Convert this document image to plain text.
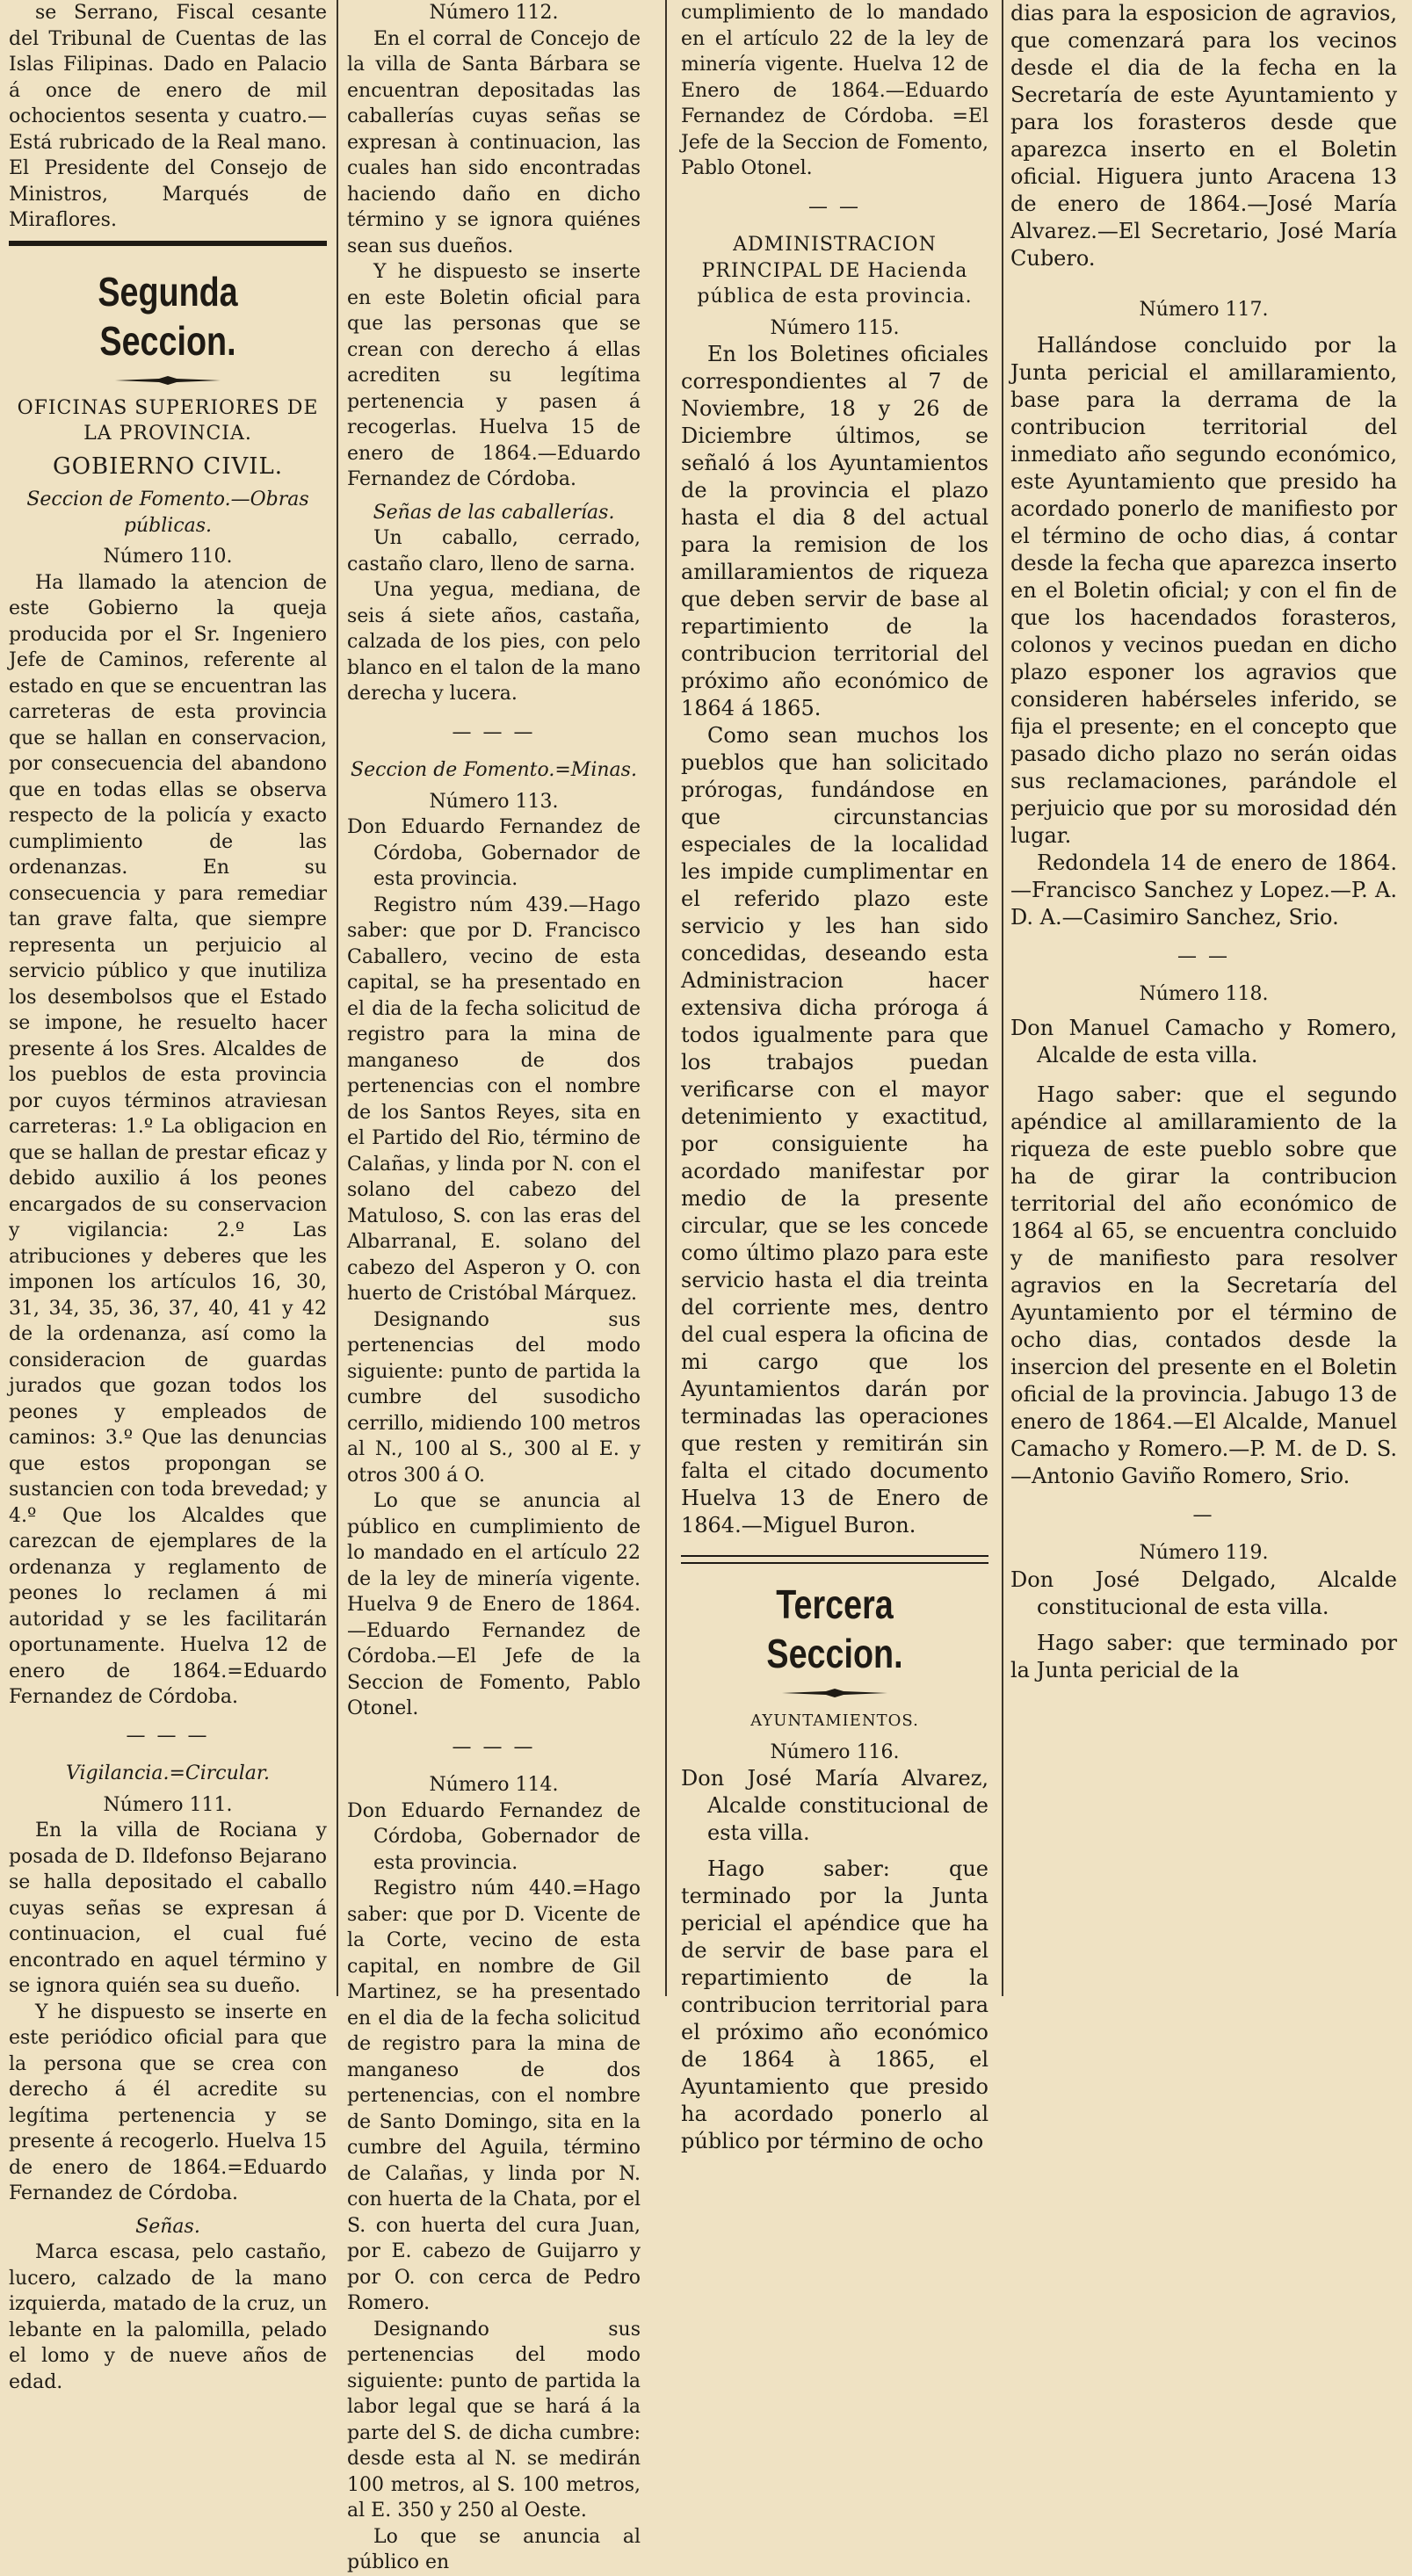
se Serrano, Fiscal cesante del Tribunal de Cuentas de las Islas Filipinas. Dado en Palacio á once de enero de mil ochocientos sesenta y cuatro.—Está rubricado de la Real mano. El Presidente del Consejo de Ministros, Marqués de Miraflores.

Segunda Seccion.

OFICINAS SUPERIORES DE LA PROVINCIA.

GOBIERNO CIVIL.

Seccion de Fomento.—Obras públicas.

Número 110.

Ha llamado la atencion de este Gobierno la queja producida por el Sr. Ingeniero Jefe de Caminos, referente al estado en que se encuentran las carreteras de esta provincia que se hallan en conservacion, por consecuencia del abandono que en todas ellas se observa respecto de la policía y exacto cumplimiento de las ordenanzas. En su consecuencia y para remediar tan grave falta, que siempre representa un perjuicio al servicio público y que inutiliza los desembolsos que el Estado se impone, he resuelto hacer presente á los Sres. Alcaldes de los pueblos de esta provincia por cuyos términos atraviesan carreteras: 1.º La obligacion en que se hallan de prestar eficaz y debido auxilio á los peones encargados de su conservacion y vigilancia: 2.º Las atribuciones y deberes que les imponen los artículos 16, 30, 31, 34, 35, 36, 37, 40, 41 y 42 de la ordenanza, así como la consideracion de guardas jurados que gozan todos los peones y empleados de caminos: 3.º Que las denuncias que estos propongan se sustancien con toda brevedad; y 4.º Que los Alcaldes que carezcan de ejemplares de la ordenanza y reglamento de peones lo reclamen á mi autoridad y se les facilitarán oportunamente. Huelva 12 de enero de 1864.=Eduardo Fernandez de Córdoba.

— — —

Vigilancia.=Circular.

Número 111.

En la villa de Rociana y posada de D. Ildefonso Bejarano se halla depositado el caballo cuyas señas se expresan á continuacion, el cual fué encontrado en aquel término y se ignora quién sea su dueño.

Y he dispuesto se inserte en este periódico oficial para que la persona que se crea con derecho á él acredite su legítima pertenencia y se presente á recogerlo. Huelva 15 de enero de 1864.=Eduardo Fernandez de Córdoba.

Señas.

Marca escasa, pelo castaño, lucero, calzado de la mano izquierda, matado de la cruz, un lebante en la palomilla, pelado el lomo y de nueve años de edad.

Número 112.

En el corral de Concejo de la villa de Santa Bárbara se encuentran depositadas las caballerías cuyas señas se expresan à continuacion, las cuales han sido encontradas haciendo daño en dicho término y se ignora quiénes sean sus dueños.

Y he dispuesto se inserte en este Boletin oficial para que las personas que se crean con derecho á ellas acrediten su legítima pertenencia y pasen á recogerlas. Huelva 15 de enero de 1864.—Eduardo Fernandez de Córdoba.

Señas de las caballerías.

Un caballo, cerrado, castaño claro, lleno de sarna.

Una yegua, mediana, de seis á siete años, castaña, calzada de los pies, con pelo blanco en el talon de la mano derecha y lucera.

— — —

Seccion de Fomento.=Minas.

Número 113.

Don Eduardo Fernandez de Córdoba, Gobernador de esta provincia.

Registro núm 439.—Hago saber: que por D. Francisco Caballero, vecino de esta capital, se ha presentado en el dia de la fecha solicitud de registro para la mina de manganeso de dos pertenencias con el nombre de los Santos Reyes, sita en el Partido del Rio, término de Calañas, y linda por N. con el solano del cabezo del Matuloso, S. con las eras del Albarranal, E. solano del cabezo del Asperon y O. con huerto de Cristóbal Márquez.

Designando sus pertenencias del modo siguiente: punto de partida la cumbre del susodicho cerrillo, midiendo 100 metros al N., 100 al S., 300 al E. y otros 300 á O.

Lo que se anuncia al público en cumplimiento de lo mandado en el artículo 22 de la ley de minería vigente. Huelva 9 de Enero de 1864.—Eduardo Fernandez de Córdoba.—El Jefe de la Seccion de Fomento, Pablo Otonel.

— — —

Número 114.

Don Eduardo Fernandez de Córdoba, Gobernador de esta provincia.

Registro núm 440.=Hago saber: que por D. Vicente de la Corte, vecino de esta capital, en nombre de Gil Martinez, se ha presentado en el dia de la fecha solicitud de registro para la mina de manganeso de dos pertenencias, con el nombre de Santo Domingo, sita en la cumbre del Aguila, término de Calañas, y linda por N. con huerta de la Chata, por el S. con huerta del cura Juan, por E. cabezo de Guijarro y por O. con cerca de Pedro Romero.

Designando sus pertenencias del modo siguiente: punto de partida la labor legal que se hará á la parte del S. de dicha cumbre: desde esta al N. se medirán 100 metros, al S. 100 metros, al E. 350 y 250 al Oeste.

Lo que se anuncia al público en

cumplimiento de lo mandado en el artículo 22 de la ley de minería vigente. Huelva 12 de Enero de 1864.—Eduardo Fernandez de Córdoba. =El Jefe de la Seccion de Fomento, Pablo Otonel.

— —

ADMINISTRACION PRINCIPAL DE Hacienda pública de esta provincia.

Número 115.

En los Boletines oficiales correspondientes al 7 de Noviembre, 18 y 26 de Diciembre últimos, se señaló á los Ayuntamientos de la provincia el plazo hasta el dia 8 del actual para la remision de los amillaramientos de riqueza que deben servir de base al repartimiento de la contribucion territorial del próximo año económico de 1864 á 1865.

Como sean muchos los pueblos que han solicitado prórogas, fundándose en que circunstancias especiales de la localidad les impide cumplimentar en el referido plazo este servicio y les han sido concedidas, deseando esta Administracion hacer extensiva dicha prórogа á todos igualmente para que los trabajos puedan verificarse con el mayor detenimiento y exactitud, por consiguiente ha acordado manifestar por medio de la presente circular, que se les concede como último plazo para este servicio hasta el dia treinta del corriente mes, dentro del cual espera la oficina de mi cargo que los Ayuntamientos darán por terminadas las operaciones que resten y remitirán sin falta el citado documento Huelva 13 de Enero de 1864.—Miguel Buron.

Tercera Seccion.

AYUNTAMIENTOS.

Número 116.

Don José María Alvarez, Alcalde constitucional de esta villa.

Hago saber: que terminado por la Junta pericial el apéndice que ha de servir de base para el repartimiento de la contribucion territorial para el próximo año económico de 1864 à 1865, el Ayuntamiento que presido ha acordado ponerlo al público por término de ocho

dias para la esposicion de agravios, que comenzará para los vecinos desde el dia de la fecha en la Secretaría de este Ayuntamiento y para los forasteros desde que aparezca inserto en el Boletin oficial. Higuera junto Aracena 13 de enero de 1864.—José María Alvarez.—El Secretario, José María Cubero.

Número 117.

Hallándose concluido por la Junta pericial el amillaramiento, base para la derrama de la contribucion territorial del inmediato año segundo económico, este Ayuntamiento que presido ha acordado ponerlo de manifiesto por el término de ocho dias, á contar desde la fecha que aparezca inserto en el Boletin oficial; y con el fin de que los hacendados forasteros, colonos y vecinos puedan en dicho plazo esponer los agravios que consideren habérseles inferido, se fija el presente; en el concepto que pasado dicho plazo no serán oidas sus reclamaciones, parándole el perjuicio que por su morosidad dén lugar.

Redondela 14 de enero de 1864.—Francisco Sanchez y Lopez.—P. A. D. A.—Casimiro Sanchez, Srio.

— —

Número 118.

Don Manuel Camacho y Romero, Alcalde de esta villa.

Hago saber: que el segundo apéndice al amillaramiento de la riqueza de este pueblo sobre que ha de girar la contribucion territorial del año económico de 1864 al 65, se encuentra concluido y de manifiesto para resolver agravios en la Secretaría del Ayuntamiento por el término de ocho dias, contados desde la insercion del presente en el Boletin oficial de la provincia. Jabugo 13 de enero de 1864.—El Alcalde, Manuel Camacho y Romero.—P. M. de D. S.—Antonio Gaviño Romero, Srio.

—

Número 119.

Don José Delgado, Alcalde constitucional de esta villa.

Hago saber: que terminado por la Junta pericial de la
